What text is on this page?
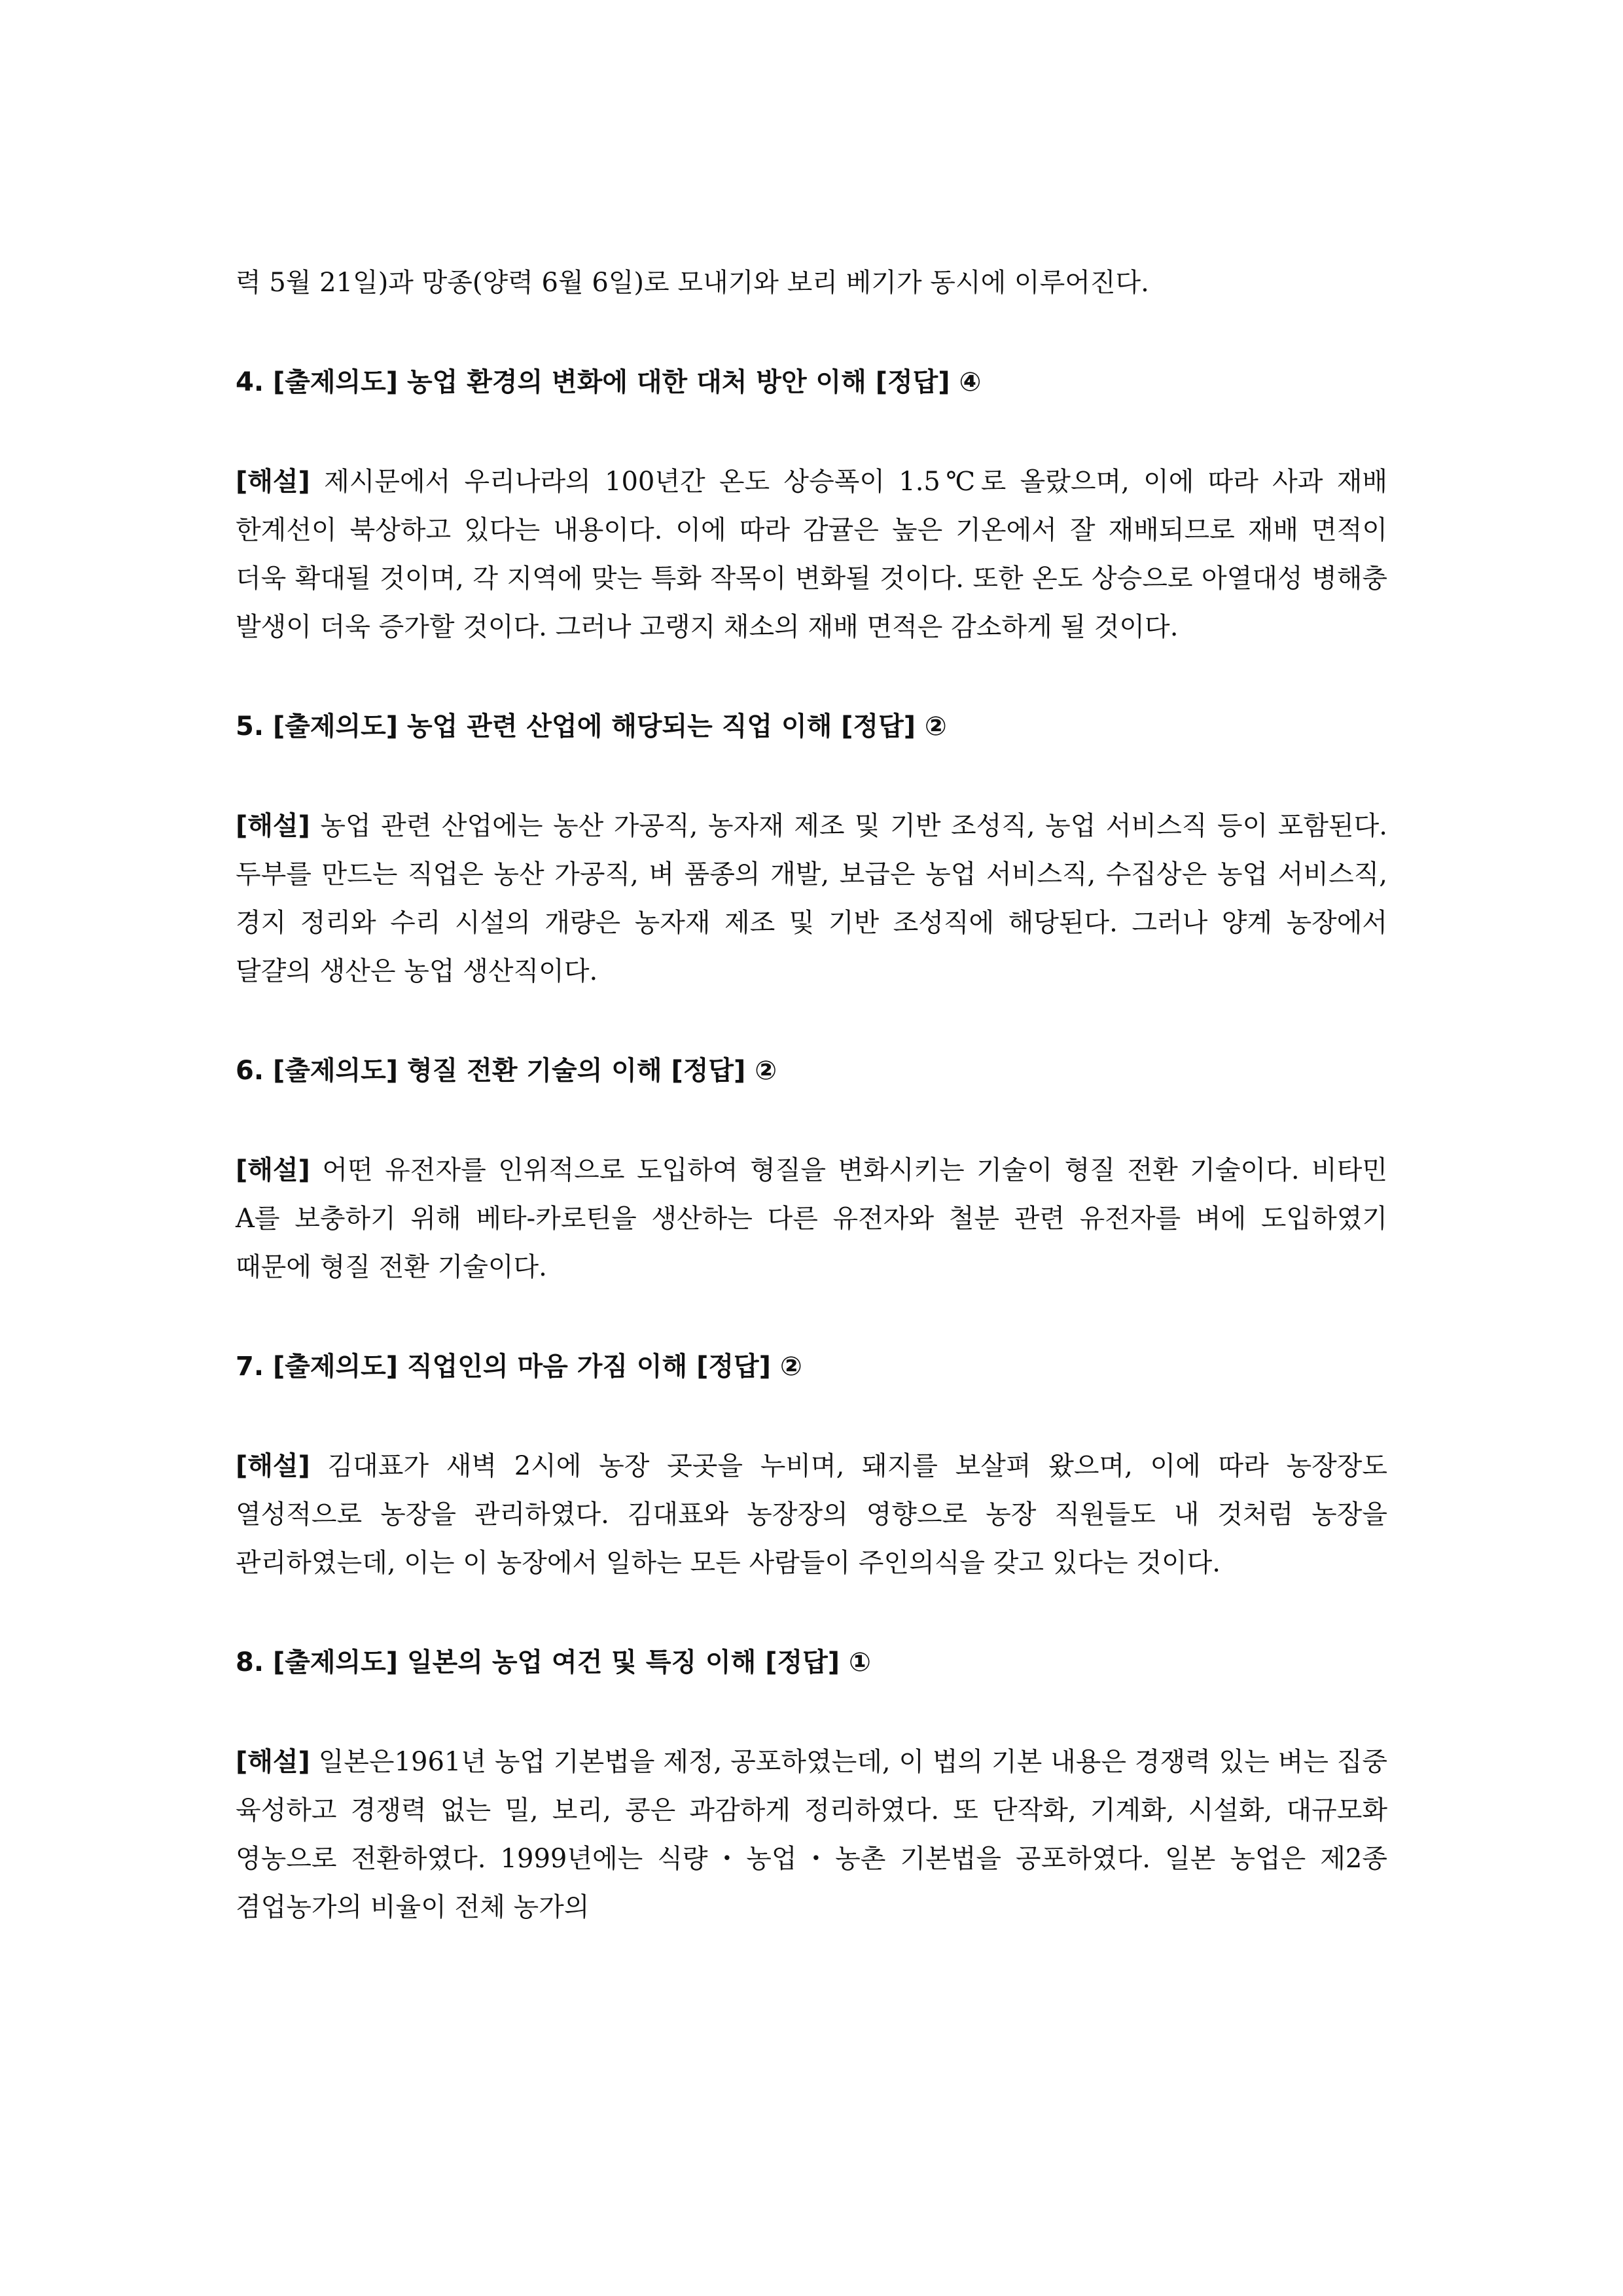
력 5월 21일)과 망종(양력 6월 6일)로 모내기와 보리 베기가 동시에 이루어진다.

4. [출제의도] 농업 환경의 변화에 대한 대처 방안 이해 [정답] ④

[해설] 제시문에서 우리나라의 100년간 온도 상승폭이 1.5℃로 올랐으며, 이에 따라 사과 재배 한계선이 북상하고 있다는 내용이다. 이에 따라 감귤은 높은 기온에서 잘 재배되므로 재배 면적이 더욱 확대될 것이며, 각 지역에 맞는 특화 작목이 변화될 것이다. 또한 온도 상승으로 아열대성 병해충 발생이 더욱 증가할 것이다. 그러나 고랭지 채소의 재배 면적은 감소하게 될 것이다.

5. [출제의도] 농업 관련 산업에 해당되는 직업 이해 [정답] ②

[해설] 농업 관련 산업에는 농산 가공직, 농자재 제조 및 기반 조성직, 농업 서비스직 등이 포함된다. 두부를 만드는 직업은 농산 가공직, 벼 품종의 개발, 보급은 농업 서비스직, 수집상은 농업 서비스직, 경지 정리와 수리 시설의 개량은 농자재 제조 및 기반 조성직에 해당된다. 그러나 양계 농장에서 달걀의 생산은 농업 생산직이다.

6. [출제의도] 형질 전환 기술의 이해 [정답] ②

[해설] 어떤 유전자를 인위적으로 도입하여 형질을 변화시키는 기술이 형질 전환 기술이다. 비타민 A를 보충하기 위해 베타-카로틴을 생산하는 다른 유전자와 철분 관련 유전자를 벼에 도입하였기 때문에 형질 전환 기술이다.

7. [출제의도] 직업인의 마음 가짐 이해 [정답] ②

[해설] 김대표가 새벽 2시에 농장 곳곳을 누비며, 돼지를 보살펴 왔으며, 이에 따라 농장장도 열성적으로 농장을 관리하였다. 김대표와 농장장의 영향으로 농장 직원들도 내 것처럼 농장을 관리하였는데, 이는 이 농장에서 일하는 모든 사람들이 주인의식을 갖고 있다는 것이다.

8. [출제의도] 일본의 농업 여건 및 특징 이해 [정답] ①

[해설] 일본은1961년 농업 기본법을 제정, 공포하였는데, 이 법의 기본 내용은 경쟁력 있는 벼는 집중 육성하고 경쟁력 없는 밀, 보리, 콩은 과감하게 정리하였다. 또 단작화, 기계화, 시설화, 대규모화 영농으로 전환하였다. 1999년에는 식량・농업・농촌 기본법을 공포하였다. 일본 농업은 제2종 겸업농가의 비율이 전체 농가의
